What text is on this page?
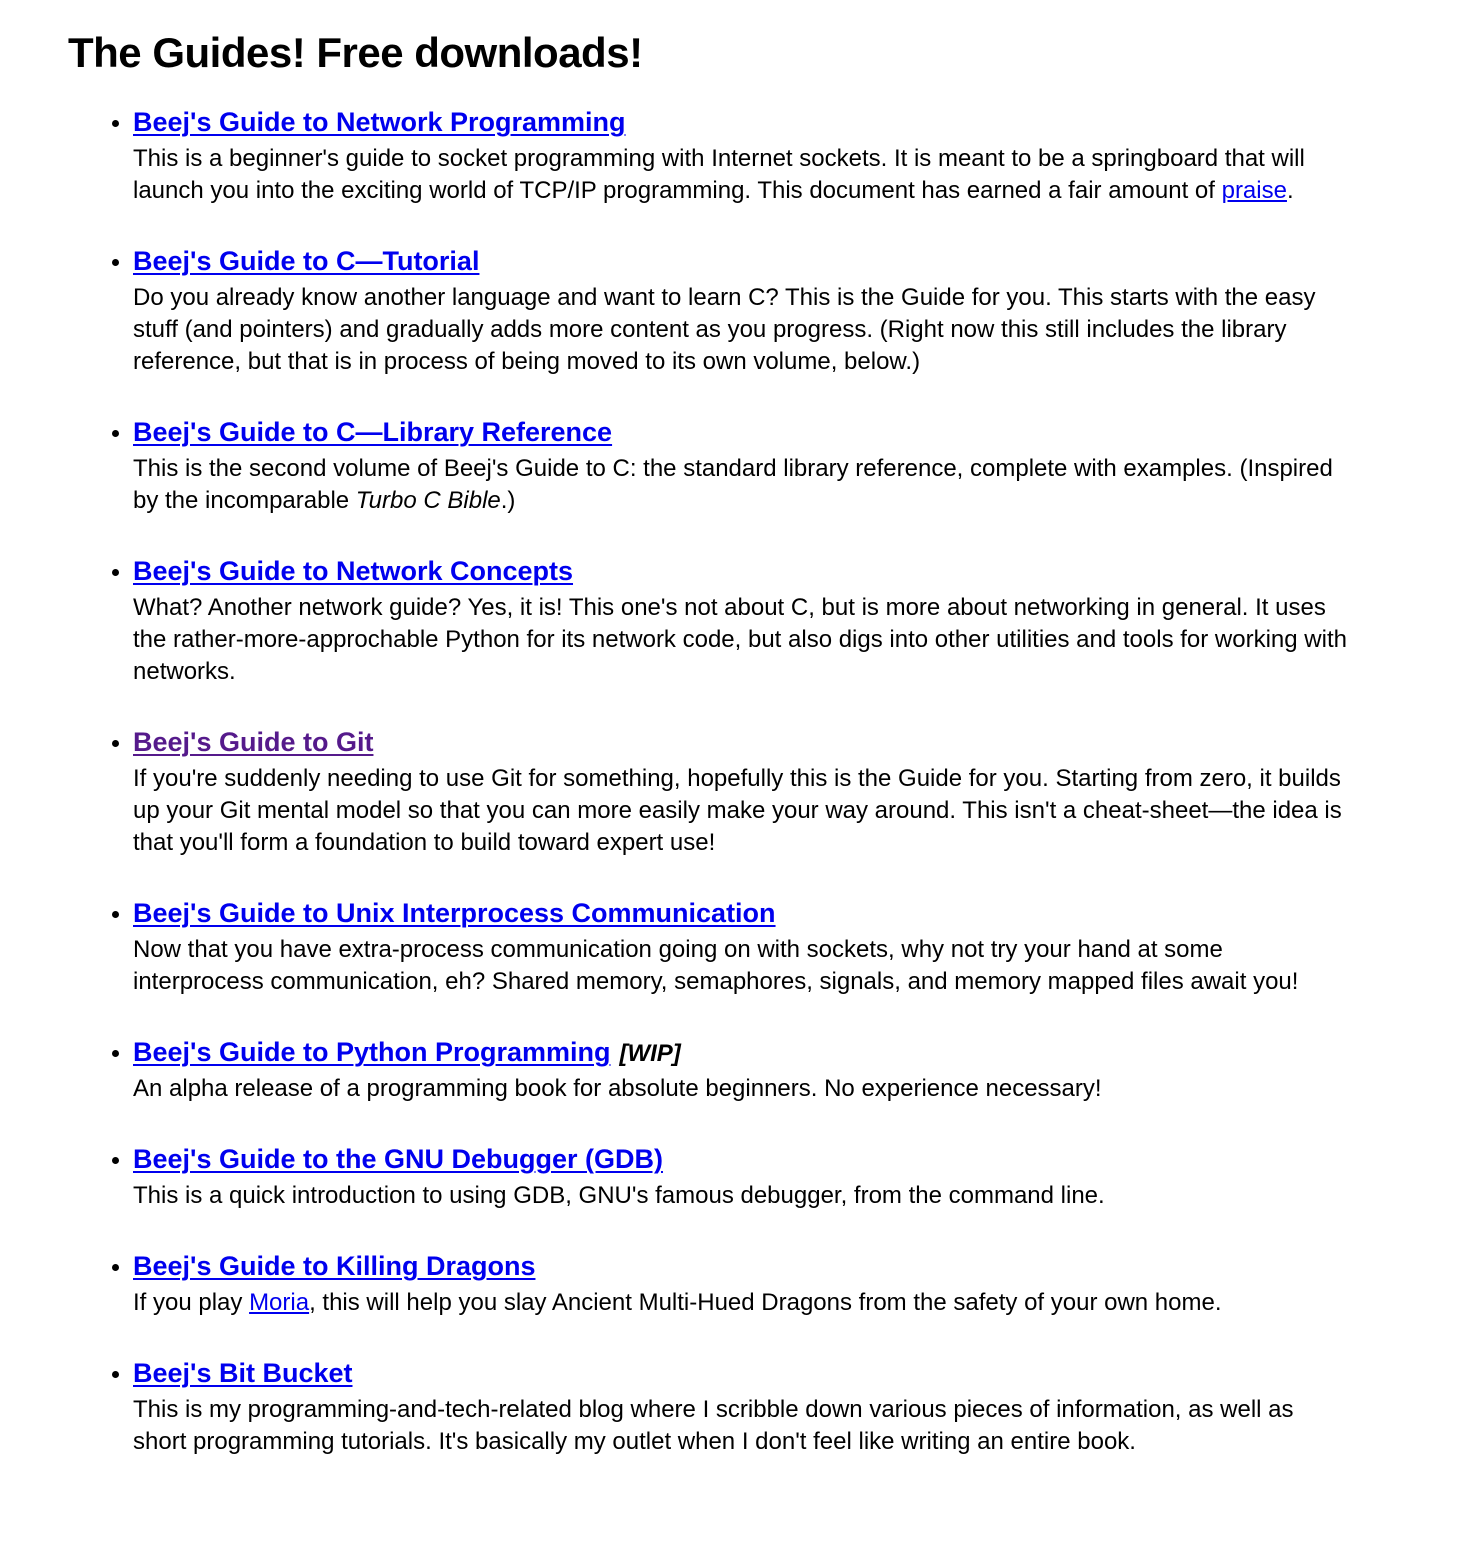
The Guides! Free downloads!
• Beej's Guide to Network Programming
This is a beginner's guide to socket programming with Internet sockets. It is meant to be a springboard that will launch you into the exciting world of TCP/IP programming. This document has earned a fair amount of praise.
• Beej's Guide to C—Tutorial
Do you already know another language and want to learn C? This is the Guide for you. This starts with the easy stuff (and pointers) and gradually adds more content as you progress. (Right now this still includes the library reference, but that is in process of being moved to its own volume, below.)
• Beej's Guide to C—Library Reference
This is the second volume of Beej's Guide to C: the standard library reference, complete with examples. (Inspired by the incomparable Turbo C Bible.)
• Beej's Guide to Network Concepts
What? Another network guide? Yes, it is! This one's not about C, but is more about networking in general. It uses the rather-more-approchable Python for its network code, but also digs into other utilities and tools for working with networks.
• Beej's Guide to Git
If you're suddenly needing to use Git for something, hopefully this is the Guide for you. Starting from zero, it builds up your Git mental model so that you can more easily make your way around. This isn't a cheat-sheet—the idea is that you'll form a foundation to build toward expert use!
• Beej's Guide to Unix Interprocess Communication
Now that you have extra-process communication going on with sockets, why not try your hand at some interprocess communication, eh? Shared memory, semaphores, signals, and memory mapped files await you!
• Beej's Guide to Python Programming [WIP]
An alpha release of a programming book for absolute beginners. No experience necessary!
• Beej's Guide to the GNU Debugger (GDB)
This is a quick introduction to using GDB, GNU's famous debugger, from the command line.
• Beej's Guide to Killing Dragons
If you play Moria, this will help you slay Ancient Multi-Hued Dragons from the safety of your own home.
• Beej's Bit Bucket
This is my programming-and-tech-related blog where I scribble down various pieces of information, as well as short programming tutorials. It's basically my outlet when I don't feel like writing an entire book.
